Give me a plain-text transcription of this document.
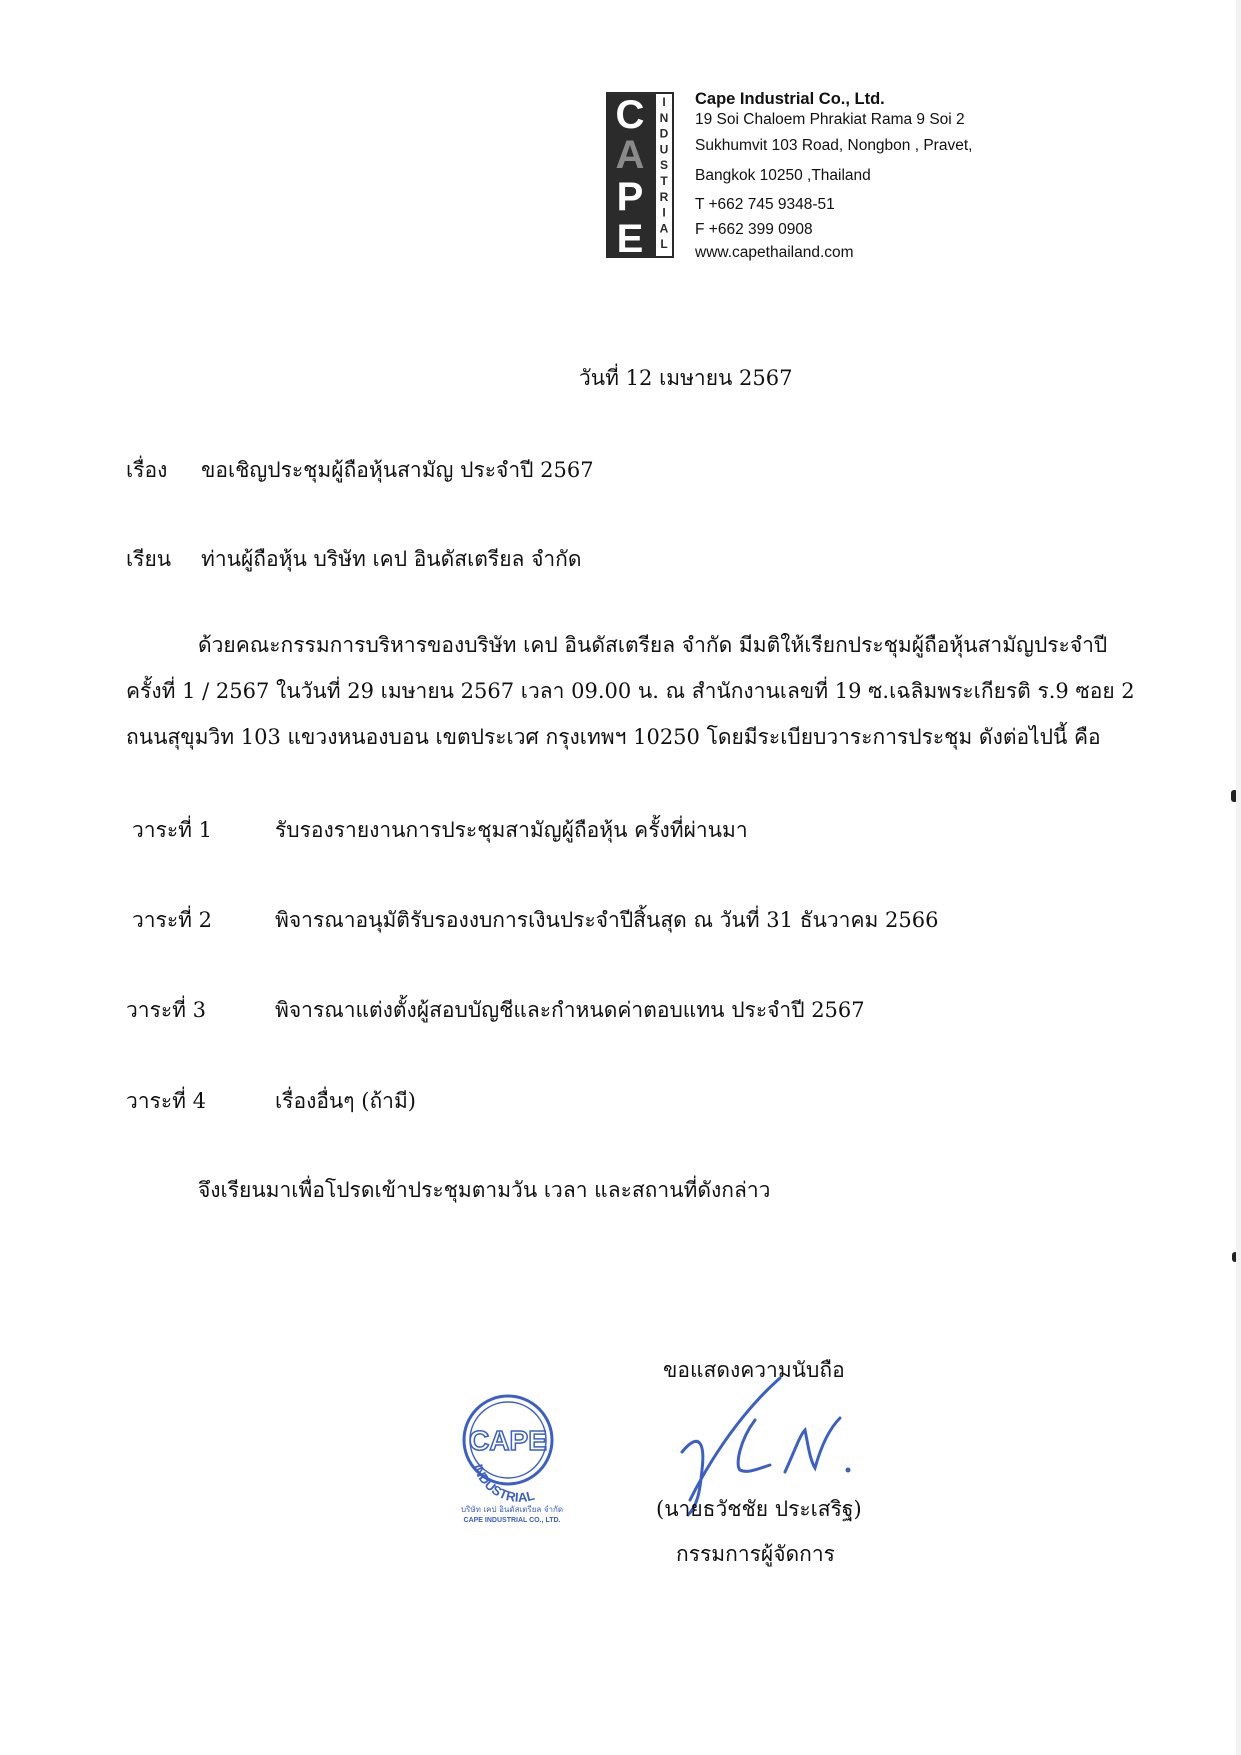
C
A
P
E
I
N
D
U
S
T
R
I
A
L
Cape Industrial Co., Ltd.
19 Soi Chaloem Phrakiat Rama 9 Soi 2
Sukhumvit 103 Road, Nongbon , Pravet,
Bangkok 10250 ,Thailand
T +662 745 9348-51
F +662 399 0908
www.capethailand.com
วันที่ 12 เมษายน 2567
เรื่อง ขอเชิญประชุมผู้ถือหุ้นสามัญ ประจำปี 2567
เรียน ท่านผู้ถือหุ้น บริษัท เคป อินดัสเตรียล จำกัด
ด้วยคณะกรรมการบริหารของบริษัท เคป อินดัสเตรียล จำกัด มีมติให้เรียกประชุมผู้ถือหุ้นสามัญประจำปี
ครั้งที่ 1 / 2567 ในวันที่ 29 เมษายน 2567 เวลา 09.00 น. ณ สำนักงานเลขที่ 19 ซ.เฉลิมพระเกียรติ ร.9 ซอย 2
ถนนสุขุมวิท 103 แขวงหนองบอน เขตประเวศ กรุงเทพฯ 10250 โดยมีระเบียบวาระการประชุม ดังต่อไปนี้ คือ
วาระที่ 1	รับรองรายงานการประชุมสามัญผู้ถือหุ้น ครั้งที่ผ่านมา
วาระที่ 2	พิจารณาอนุมัติรับรองงบการเงินประจำปีสิ้นสุด ณ วันที่ 31 ธันวาคม 2566
วาระที่ 3	พิจารณาแต่งตั้งผู้สอบบัญชีและกำหนดค่าตอบแทน ประจำปี 2567
วาระที่ 4	เรื่องอื่นๆ (ถ้ามี)
จึงเรียนมาเพื่อโปรดเข้าประชุมตามวัน เวลา และสถานที่ดังกล่าว
ขอแสดงความนับถือ
(นายธวัชชัย ประเสริฐ)
กรรมการผู้จัดการ
CAPE
INDUSTRIAL
บริษัท เคป อินดัสเตรียล จำกัด
CAPE INDUSTRIAL CO., LTD.
